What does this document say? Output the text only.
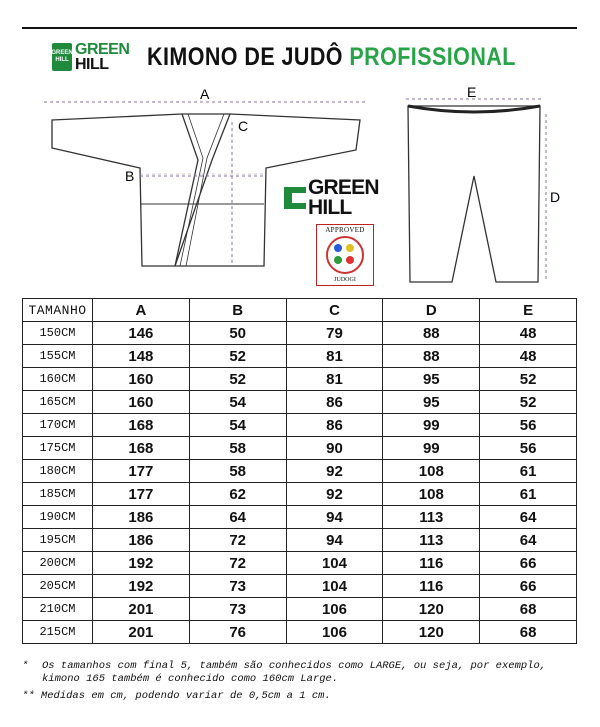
GREEN HILL
GREEN
HILL	KIMONO DE JUDÔ PROFISSIONAL
A
C
B
E
D
GREEN
HILL
APPROVED
JUDOGI
TAMANHO	A	B	C	D	E
150CM	146	50	79	88	48
155CM	148	52	81	88	48
160CM	160	52	81	95	52
165CM	160	54	86	95	52
170CM	168	54	86	99	56
175CM	168	58	90	99	56
180CM	177	58	92	108	61
185CM	177	62	92	108	61
190CM	186	64	94	113	64
195CM	186	72	94	113	64
200CM	192	72	104	116	66
205CM	192	73	104	116	66
210CM	201	73	106	120	68
215CM	201	76	106	120	68
* Os tamanhos com final 5, também são conhecidos como LARGE, ou seja, por exemplo, kimono 165 também é conhecido como 160cm Large.
** Medidas em cm, podendo variar de 0,5cm a 1 cm.
